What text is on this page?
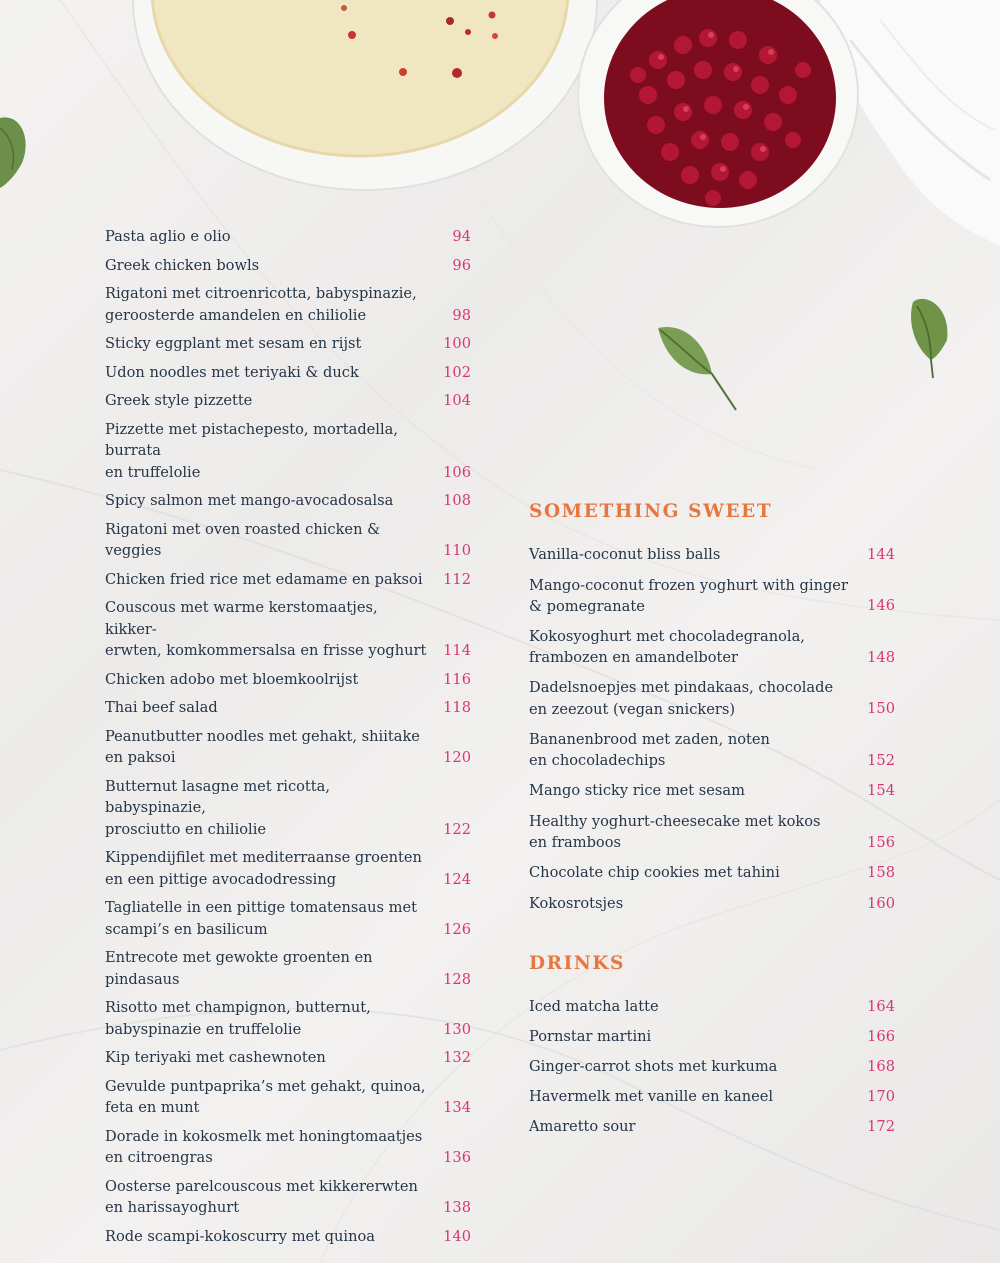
Pasta aglio e olio	94
Greek chicken bowls	96
Rigatoni met citroenricotta, babyspinazie,
geroosterde amandelen en chiliolie	98
Sticky eggplant met sesam en rijst	100
Udon noodles met teriyaki & duck	102
Greek style pizzette	104
Pizzette met pistachepesto, mortadella, burrata
en truffelolie	106
Spicy salmon met mango-avocadosalsa	108
Rigatoni met oven roasted chicken & veggies	110
Chicken fried rice met edamame en paksoi	112
Couscous met warme kerstomaatjes, kikker-
erwten, komkommersalsa en frisse yoghurt	114
Chicken adobo met bloemkoolrijst	116
Thai beef salad	118
Peanutbutter noodles met gehakt, shiitake
en paksoi	120
Butternut lasagne met ricotta, babyspinazie,
prosciutto en chiliolie	122
Kippendijfilet met mediterraanse groenten
en een pittige avocadodressing	124
Tagliatelle in een pittige tomatensaus met
scampi’s en basilicum	126
Entrecote met gewokte groenten en pindasaus	128
Risotto met champignon, butternut,
babyspinazie en truffelolie	130
Kip teriyaki met cashewnoten	132
Gevulde puntpaprika’s met gehakt, quinoa,
feta en munt	134
Dorade in kokosmelk met honingtomaatjes
en citroengras	136
Oosterse parelcouscous met kikkererwten
en harissayoghurt	138
Rode scampi-kokoscurry met quinoa	140
SOMETHING SWEET
Vanilla-coconut bliss balls	144
Mango-coconut frozen yoghurt with ginger
& pomegranate	146
Kokosyoghurt met chocoladegranola,
frambozen en amandelboter	148
Dadelsnoepjes met pindakaas, chocolade
en zeezout (vegan snickers)	150
Bananenbrood met zaden, noten
en chocoladechips	152
Mango sticky rice met sesam	154
Healthy yoghurt-cheesecake met kokos
en framboos	156
Chocolate chip cookies met tahini	158
Kokosrotsjes	160
DRINKS
Iced matcha latte	164
Pornstar martini	166
Ginger-carrot shots met kurkuma	168
Havermelk met vanille en kaneel	170
Amaretto sour	172
